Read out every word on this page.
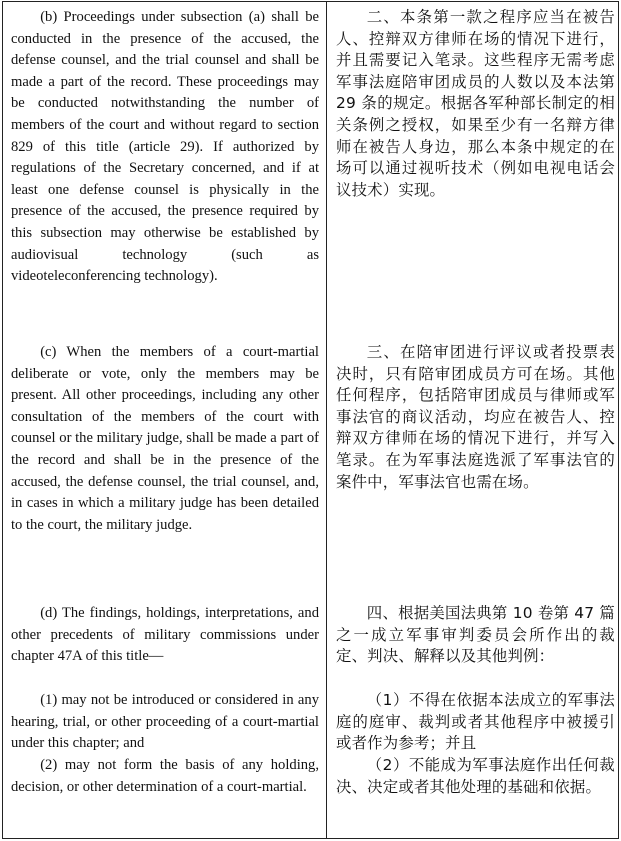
(b) Proceedings under subsection (a) shall be conducted in the presence of the accused, the defense counsel, and the trial counsel and shall be made a part of the record. These proceedings may be conducted notwithstanding the number of members of the court and without regard to section 829 of this title (article 29). If authorized by regulations of the Secretary concerned, and if at least one defense counsel is physically in the presence of the accused, the presence required by this subsection may otherwise be established by audiovisual technology (such as videoteleconferencing technology).

(c) When the members of a court-martial deliberate or vote, only the members may be present. All other proceedings, including any other consultation of the members of the court with counsel or the military judge, shall be made a part of the record and shall be in the presence of the accused, the defense counsel, the trial counsel, and, in cases in which a military judge has been detailed to the court, the military judge.

(d) The findings, holdings, interpretations, and other precedents of military commissions under chapter 47A of this title—

(1) may not be introduced or considered in any hearing, trial, or other proceeding of a court-martial under this chapter; and

(2) may not form the basis of any holding, decision, or other determination of a court-martial.

二、本条第一款之程序应当在被告人、控辩双方律师在场的情况下进行，并且需要记入笔录。这些程序无需考虑军事法庭陪审团成员的人数以及本法第 29 条的规定。根据各军种部长制定的相关条例之授权，如果至少有一名辩方律师在被告人身边，那么本条中规定的在场可以通过视听技术（例如电视电话会议技术）实现。

三、在陪审团进行评议或者投票表决时，只有陪审团成员方可在场。其他任何程序，包括陪审团成员与律师或军事法官的商议活动，均应在被告人、控辩双方律师在场的情况下进行，并写入笔录。在为军事法庭选派了军事法官的案件中，军事法官也需在场。

四、根据美国法典第 10 卷第 47 篇之一成立军事审判委员会所作出的裁定、判决、解释以及其他判例：

（1）不得在依据本法成立的军事法庭的庭审、裁判或者其他程序中被援引或者作为参考；并且

（2）不能成为军事法庭作出任何裁决、决定或者其他处理的基础和依据。
